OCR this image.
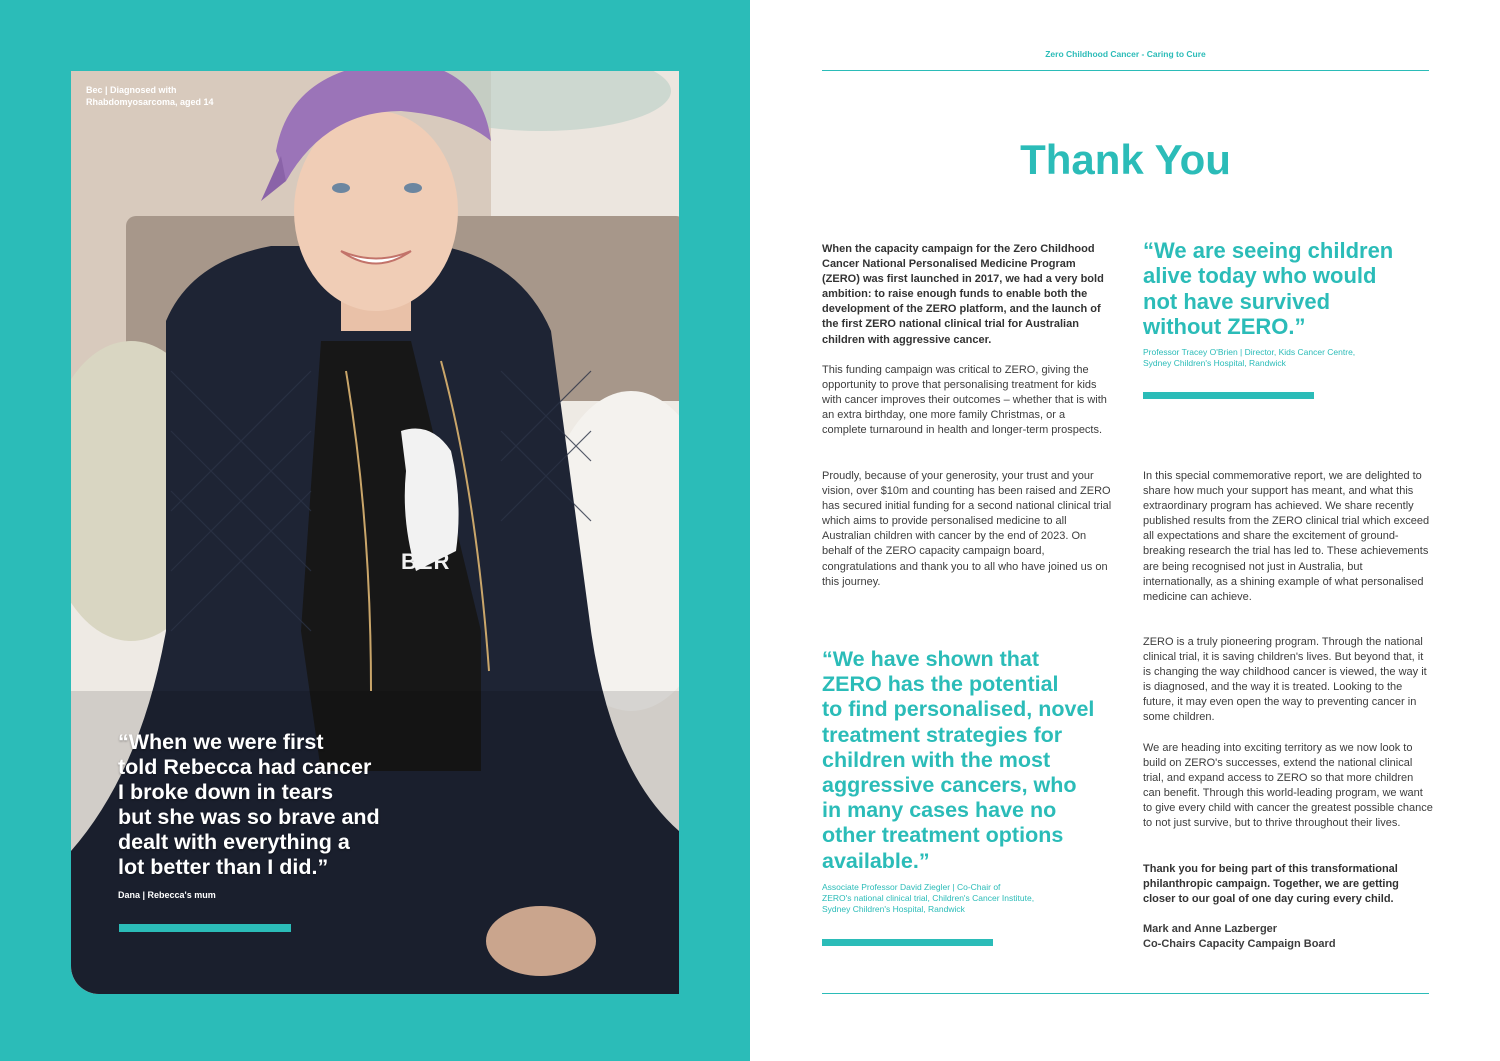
BER
Bec | Diagnosed with
Rhabdomyosarcoma, aged 14
“When we were first
told Rebecca had cancer
I broke down in tears
but she was so brave and
dealt with everything a
lot better than I did.”
Dana | Rebecca's mum
Zero Childhood Cancer - Caring to Cure
Thank You

When the capacity campaign for the Zero Childhood Cancer National Personalised Medicine Program (ZERO) was first launched in 2017, we had a very bold ambition: to raise enough funds to enable both the development of the ZERO platform, and the launch of the first ZERO national clinical trial for Australian children with aggressive cancer.

This funding campaign was critical to ZERO, giving the opportunity to prove that personalising treatment for kids with cancer improves their outcomes – whether that is with an extra birthday, one more family Christmas, or a complete turnaround in health and longer-term prospects.

Proudly, because of your generosity, your trust and your vision, over $10m and counting has been raised and ZERO has secured initial funding for a second national clinical trial which aims to provide personalised medicine to all Australian children with cancer by the end of 2023. On behalf of the ZERO capacity campaign board, congratulations and thank you to all who have joined us on this journey.

“We have shown that
ZERO has the potential
to find personalised, novel
treatment strategies for
children with the most
aggressive cancers, who
in many cases have no
other treatment options
available.”
Associate Professor David Ziegler | Co-Chair of
ZERO's national clinical trial, Children's Cancer Institute,
Sydney Children's Hospital, Randwick
“We are seeing children
alive today who would
not have survived
without ZERO.”
Professor Tracey O'Brien | Director, Kids Cancer Centre,
Sydney Children's Hospital, Randwick

In this special commemorative report, we are delighted to share how much your support has meant, and what this extraordinary program has achieved. We share recently published results from the ZERO clinical trial which exceed all expectations and share the excitement of ground-breaking research the trial has led to. These achievements are being recognised not just in Australia, but internationally, as a shining example of what personalised medicine can achieve.

ZERO is a truly pioneering program. Through the national clinical trial, it is saving children's lives. But beyond that, it is changing the way childhood cancer is viewed, the way it is diagnosed, and the way it is treated. Looking to the future, it may even open the way to preventing cancer in some children.

We are heading into exciting territory as we now look to build on ZERO's successes, extend the national clinical trial, and expand access to ZERO so that more children can benefit. Through this world-leading program, we want to give every child with cancer the greatest possible chance to not just survive, but to thrive throughout their lives.

Thank you for being part of this transformational philanthropic campaign. Together, we are getting closer to our goal of one day curing every child.

Mark and Anne Lazberger
Co-Chairs Capacity Campaign Board
